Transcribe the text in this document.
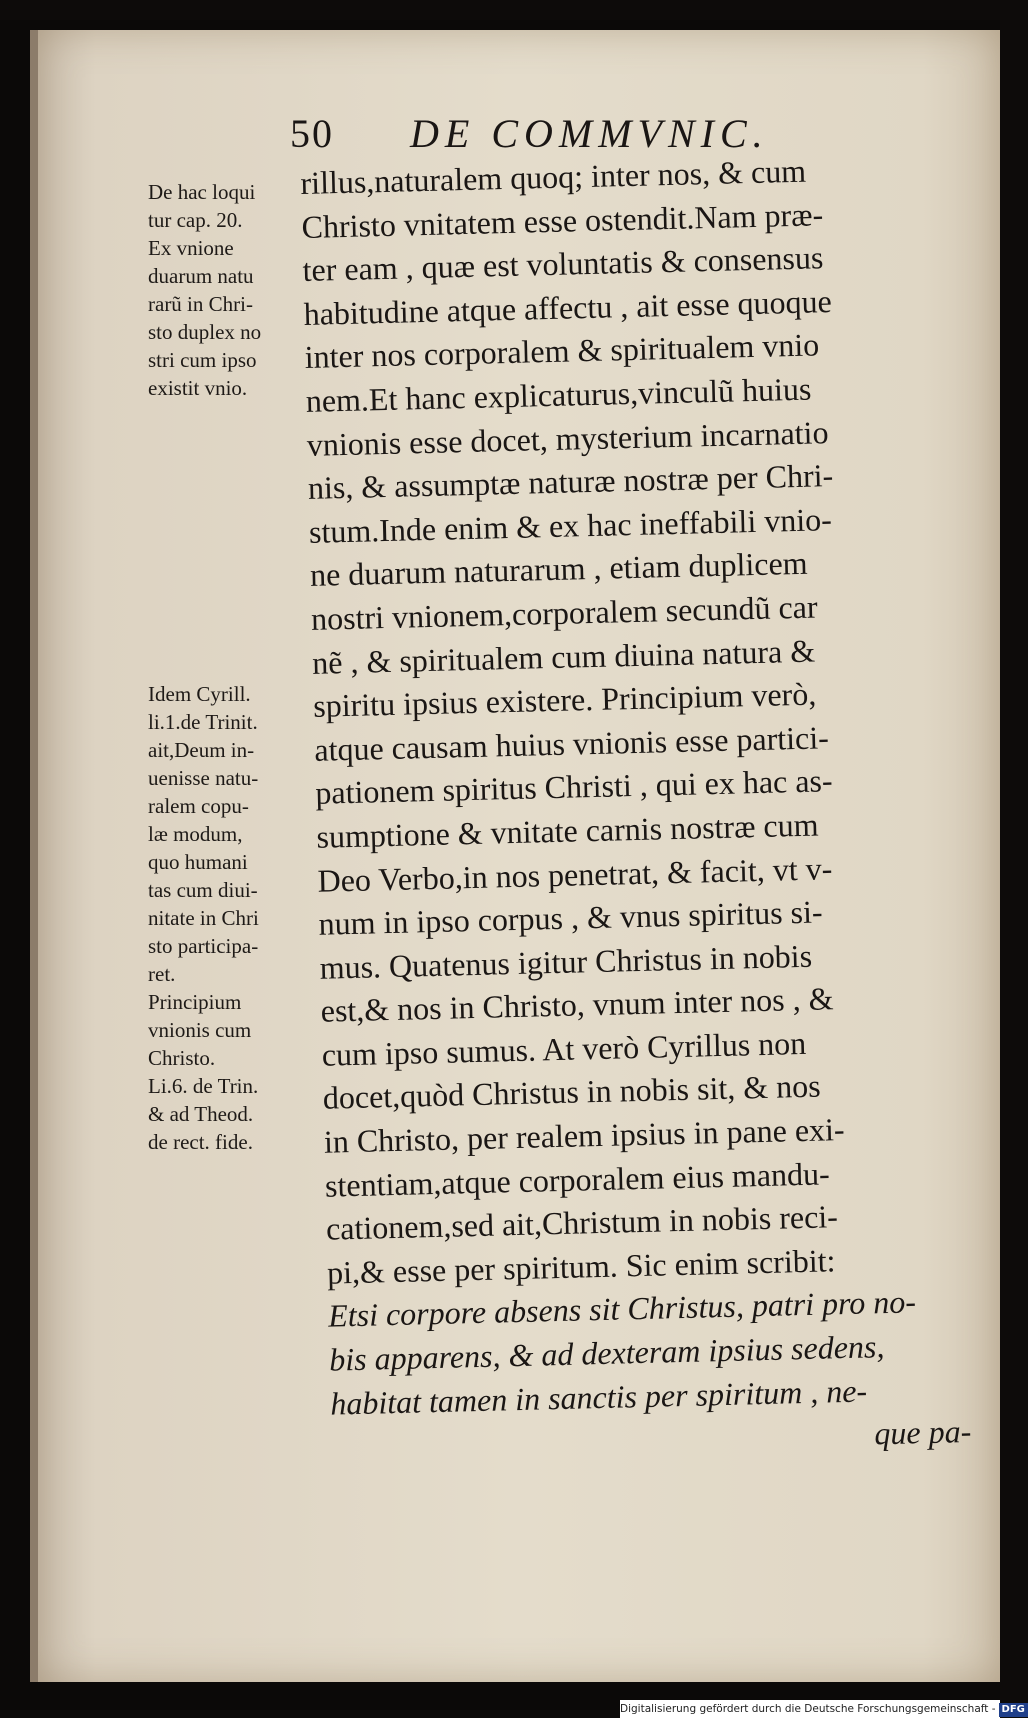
50 DE COMMVNIC.

De hac loqui

tur cap. 20.

Ex vnione

duarum natu

rarũ in Chri-

sto duplex no

stri cum ipso

existit vnio.

Idem Cyrill.

li.1.de Trinit.

ait,Deum in-

uenisse natu-

ralem copu-

læ modum,

quo humani

tas cum diui-

nitate in Chri

sto participa-

ret.

Principium

vnionis cum

Christo.

Li.6. de Trin.

& ad Theod.

de rect. fide.

rillus,naturalem quoq; inter nos, & cum

Christo vnitatem esse ostendit.Nam præ-

ter eam , quæ est voluntatis & consensus

habitudine atque affectu , ait esse quoque

inter nos corporalem & spiritualem vnio

nem.Et hanc explicaturus,vinculũ huius

vnionis esse docet, mysterium incarnatio

nis, & assumptæ naturæ nostræ per Chri-

stum.Inde enim & ex hac ineffabili vnio-

ne duarum naturarum , etiam duplicem

nostri vnionem,corporalem secundũ car

nẽ , & spiritualem cum diuina natura &

spiritu ipsius existere. Principium verò,

atque causam huius vnionis esse partici-

pationem spiritus Christi , qui ex hac as-

sumptione & vnitate carnis nostræ cum

Deo Verbo,in nos penetrat, & facit, vt v-

num in ipso corpus , & vnus spiritus si-

mus. Quatenus igitur Christus in nobis

est,& nos in Christo, vnum inter nos , &

cum ipso sumus. At verò Cyrillus non

docet,quòd Christus in nobis sit, & nos

in Christo, per realem ipsius in pane exi-

stentiam,atque corporalem eius mandu-

cationem,sed ait,Christum in nobis reci-

pi,& esse per spiritum. Sic enim scribit:

Etsi corpore absens sit Christus, patri pro no-

bis apparens, & ad dexteram ipsius sedens,

habitat tamen in sanctis per spiritum , ne-

que pa-

Digitalisierung gefördert durch die Deutsche Forschungsgemeinschaft - DFG
